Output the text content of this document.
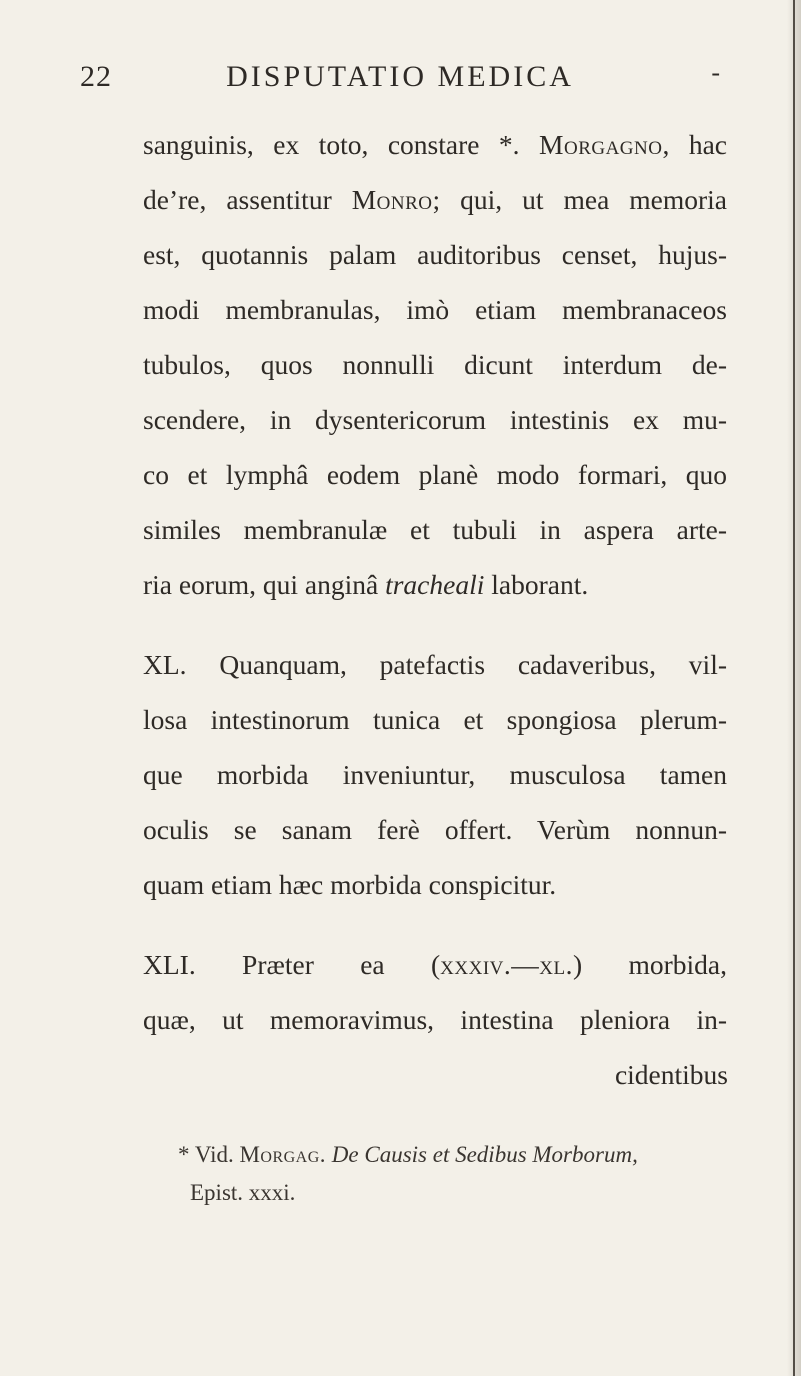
22	DISPUTATIO MEDICA	-
sanguinis, ex toto, constare *. Morgagno, hac
de’re, assentitur Monro; qui, ut mea memoria
est, quotannis palam auditoribus censet, hujus-
modi membranulas, imò etiam membranaceos
tubulos, quos nonnulli dicunt interdum de-
scendere, in dysentericorum intestinis ex mu-
co et lymphâ eodem planè modo formari, quo
similes membranulæ et tubuli in aspera arte-
ria eorum, qui anginâ tracheali laborant.
XL. Quanquam, patefactis cadaveribus, vil-
losa intestinorum tunica et spongiosa plerum-
que morbida inveniuntur, musculosa tamen
oculis se sanam ferè offert. Verùm nonnun-
quam etiam hæc morbida conspicitur.
XLI. Præter ea (xxxiv.—xl.) morbida,
quæ, ut memoravimus, intestina pleniora in-
cidentibus
* Vid. Morgag. De Causis et Sedibus Morborum,
Epist. xxxi.
